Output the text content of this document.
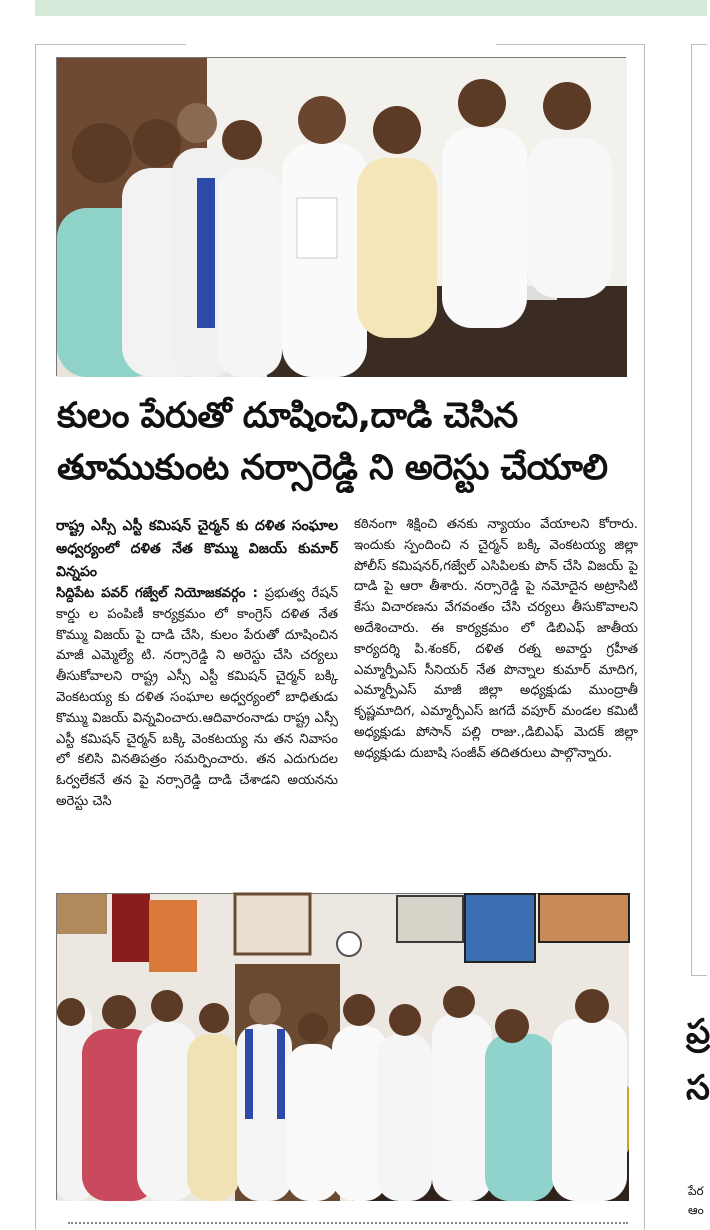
కులం పేరుతో దూషించి,దాడి చెసిన
తూముకుంట నర్సారెడ్డి ని అరెస్టు చేయాలి

రాష్ట్ర ఎస్సీ ఎస్టీ కమిషన్ చైర్మన్ కు దళిత సంఘాల అధ్వర్యంలో దళిత నేత కొమ్ము విజయ్ కుమార్ విన్నపం

సిద్దిపేట పవర్ గజ్వేల్ నియోజకవర్గం : ప్రభుత్వ రేషన్ కార్డు ల పంపిణీ కార్యక్రమం లో కాంగ్రెస్ దళిత నేత కొమ్ము విజయ్ పై దాడి చేసి, కులం పేరుతో దూషించిన మాజీ ఎమ్మెల్యే టి. నర్సారెడ్డి ని అరెస్టు చేసి చర్యలు తీసుకోవాలని రాష్ట్ర ఎస్సీ ఎస్టీ కమిషన్ చైర్మన్ బక్కి వెంకటయ్య కు దళిత సంఘాల అధ్వర్యంలో బాధితుడు కొమ్ము విజయ్ విన్నవించారు.ఆదివారంనాడు రాష్ట్ర ఎస్సీ ఎస్టీ కమిషన్ చైర్మన్ బక్కి వెంకటయ్య ను తన నివాసం లో కలిసి వినతిపత్రం సమర్పించారు. తన ఎదుగుదల ఓర్వలేకనే తన పై నర్సారెడ్డి దాడి చేశాడని అయనను అరెస్టు చెసి

కఠినంగా శిక్షించి తనకు న్యాయం వేయాలని కోరారు. ఇందుకు స్పందించి న చైర్మన్ బక్కి వెంకటయ్య జిల్లా పోలీస్ కమిషనర్,గజ్వేల్ ఎసిపిలకు పొన్ చేసి విజయ్ పై దాడి పై ఆరా తీశారు. నర్సారెడ్డి పై నమోదైన అట్రాసిటి కేసు విచారణను వేగవంతం చేసి చర్యలు తీసుకొవాలని అదేశించారు. ఈ కార్యక్రమం లో డిబిఎఫ్ జాతీయ కార్యదర్శి పి.శంకర్, దళిత రత్న అవార్డు గ్రహీత ఎమ్మార్పీఎస్ సీనియర్ నేత పొన్నాల కుమార్ మాదిగ, ఎమ్మార్పీఎస్ మాజీ జిల్లా అధ్యక్షుడు ముంద్రాతీ కృష్ణమాదిగ, ఎమ్మార్పీఎస్ జగదే వపూర్ మండల కమిటీ అధ్యక్షుడు పోసాన్ పల్లి రాజు.,డిబిఎఫ్ మెదక్ జిల్లా అధ్యక్షుడు దుబాషి సంజీవ్ తదితరులు పాల్గొన్నారు.

ప్ర
స
పేర
ఆం
